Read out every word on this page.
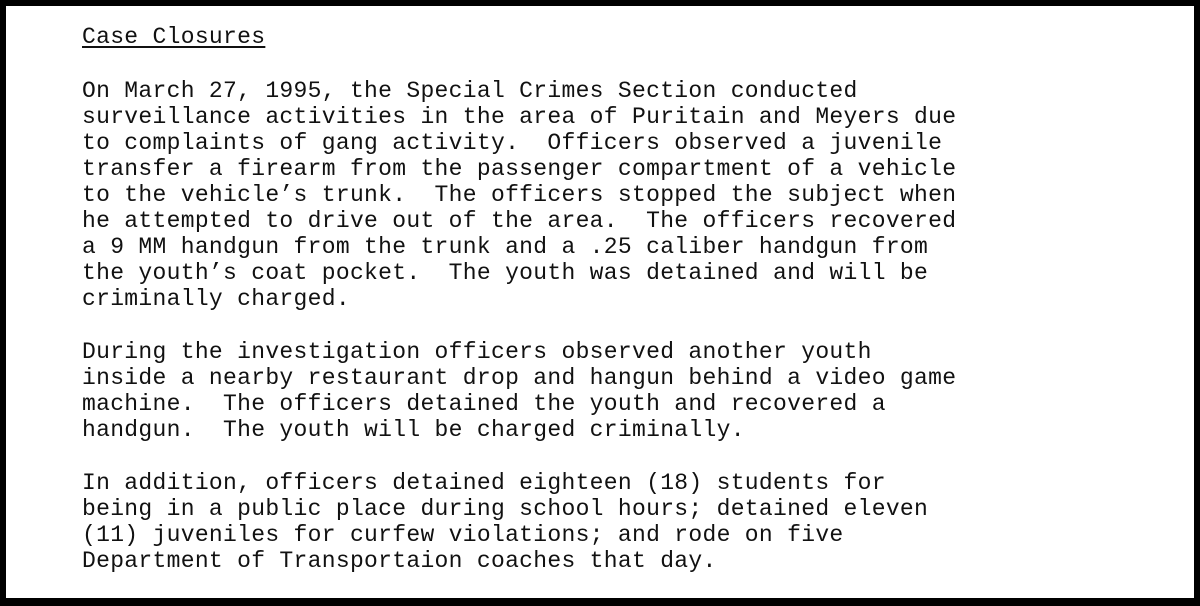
Case Closures
On March 27, 1995, the Special Crimes Section conducted
surveillance activities in the area of Puritain and Meyers due
to complaints of gang activity.  Officers observed a juvenile
transfer a firearm from the passenger compartment of a vehicle
to the vehicle’s trunk.  The officers stopped the subject when
he attempted to drive out of the area.  The officers recovered
a 9 MM handgun from the trunk and a .25 caliber handgun from
the youth’s coat pocket.  The youth was detained and will be
criminally charged.
During the investigation officers observed another youth
inside a nearby restaurant drop and hangun behind a video game
machine.  The officers detained the youth and recovered a
handgun.  The youth will be charged criminally.
In addition, officers detained eighteen (18) students for
being in a public place during school hours; detained eleven
(11) juveniles for curfew violations; and rode on five
Department of Transportaion coaches that day.
